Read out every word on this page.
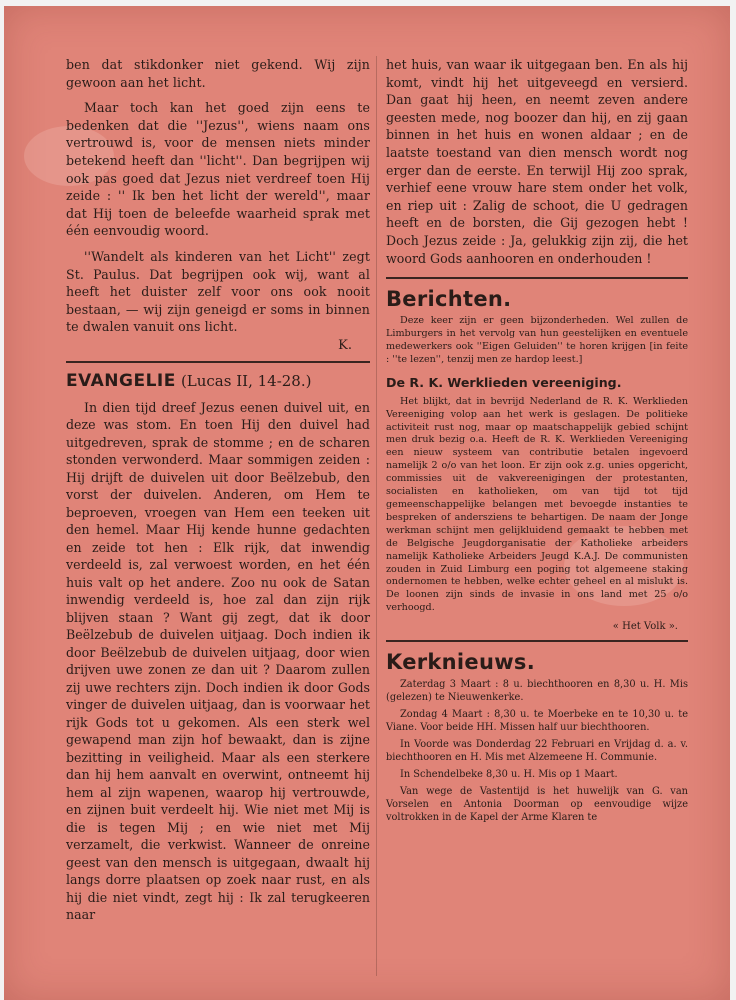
ben dat stikdonker niet gekend. Wij zijn gewoon aan het licht.

Maar toch kan het goed zijn eens te bedenken dat die ''Jezus'', wiens naam ons vertrouwd is, voor de mensen niets minder betekend heeft dan ''licht''. Dan begrijpen wij ook pas goed dat Jezus niet verdreef toen Hij zeide : '' Ik ben het licht der wereld'', maar dat Hij toen de beleefde waarheid sprak met één eenvoudig woord.

''Wandelt als kinderen van het Licht'' zegt St. Paulus. Dat begrijpen ook wij, want al heeft het duister zelf voor ons ook nooit bestaan, — wij zijn geneigd er soms in binnen te dwalen vanuit ons licht.

K.
EVANGELIE (Lucas II, 14-28.)

In dien tijd dreef Jezus eenen duivel uit, en deze was stom. En toen Hij den duivel had uitgedreven, sprak de stomme ; en de scharen stonden verwonderd. Maar sommigen zeiden : Hij drijft de duivelen uit door Beëlzebub, den vorst der duivelen. Anderen, om Hem te beproeven, vroegen van Hem een teeken uit den hemel. Maar Hij kende hunne gedachten en zeide tot hen : Elk rijk, dat inwendig verdeeld is, zal verwoest worden, en het één huis valt op het andere. Zoo nu ook de Satan inwendig verdeeld is, hoe zal dan zijn rijk blijven staan ? Want gij zegt, dat ik door Beëlzebub de duivelen uitjaag. Doch indien ik door Beëlzebub de duivelen uitjaag, door wien drijven uwe zonen ze dan uit ? Daarom zullen zij uwe rechters zijn. Doch indien ik door Gods vinger de duivelen uitjaag, dan is voorwaar het rijk Gods tot u gekomen. Als een sterk wel gewapend man zijn hof bewaakt, dan is zijne bezitting in veiligheid. Maar als een sterkere dan hij hem aanvalt en overwint, ontneemt hij hem al zijn wapenen, waarop hij vertrouwde, en zijnen buit verdeelt hij. Wie niet met Mij is die is tegen Mij ; en wie niet met Mij verzamelt, die verkwist. Wanneer de onreine geest van den mensch is uitgegaan, dwaalt hij langs dorre plaatsen op zoek naar rust, en als hij die niet vindt, zegt hij : Ik zal terugkeeren naar

het huis, van waar ik uitgegaan ben. En als hij komt, vindt hij het uitgeveegd en versierd. Dan gaat hij heen, en neemt zeven andere geesten mede, nog boozer dan hij, en zij gaan binnen in het huis en wonen aldaar ; en de laatste toestand van dien mensch wordt nog erger dan de eerste. En terwijl Hij zoo sprak, verhief eene vrouw hare stem onder het volk, en riep uit : Zalig de schoot, die U gedragen heeft en de borsten, die Gij gezogen hebt ! Doch Jezus zeide : Ja, gelukkig zijn zij, die het woord Gods aanhooren en onderhouden !

Berichten.

Deze keer zijn er geen bijzonderheden. Wel zullen de Limburgers in het vervolg van hun geestelijken en eventuele medewerkers ook ''Eigen Geluiden'' te horen krijgen [in feite : ''te lezen'', tenzij men ze hardop leest.]

De R. K. Werklieden vereeniging.

Het blijkt, dat in bevrijd Nederland de R. K. Werklieden Vereeniging volop aan het werk is geslagen. De politieke activiteit rust nog, maar op maatschappelijk gebied schijnt men druk bezig o.a. Heeft de R. K. Werklieden Vereeniging een nieuw systeem van contributie betalen ingevoerd namelijk 2 o/o van het loon. Er zijn ook z.g. unies opgericht, commissies uit de vakvereenigingen der protestanten, socialisten en katholieken, om van tijd tot tijd gemeenschappelijke belangen met bevoegde instanties te bespreken of andersziens te behartigen. De naam der Jonge werkman schijnt men gelijkluidend gemaakt te hebben met de Belgische Jeugdorganisatie der Katholieke arbeiders namelijk Katholieke Arbeiders Jeugd K.A.J. De communisten zouden in Zuid Limburg een poging tot algemeene staking ondernomen te hebben, welke echter geheel en al mislukt is. De loonen zijn sinds de invasie in ons land met 25 o/o verhoogd.

« Het Volk ».
Kerknieuws.

Zaterdag 3 Maart : 8 u. biechthooren en 8,30 u. H. Mis (gelezen) te Nieuwenkerke.

Zondag 4 Maart : 8,30 u. te Moerbeke en te 10,30 u. te Viane. Voor beide HH. Missen half uur biechthooren.

In Voorde was Donderdag 22 Februari en Vrijdag d. a. v. biechthooren en H. Mis met Alzemeene H. Communie.

In Schendelbeke 8,30 u. H. Mis op 1 Maart.

Van wege de Vastentijd is het huwelijk van G. van Vorselen en Antonia Doorman op eenvoudige wijze voltrokken in de Kapel der Arme Klaren te
